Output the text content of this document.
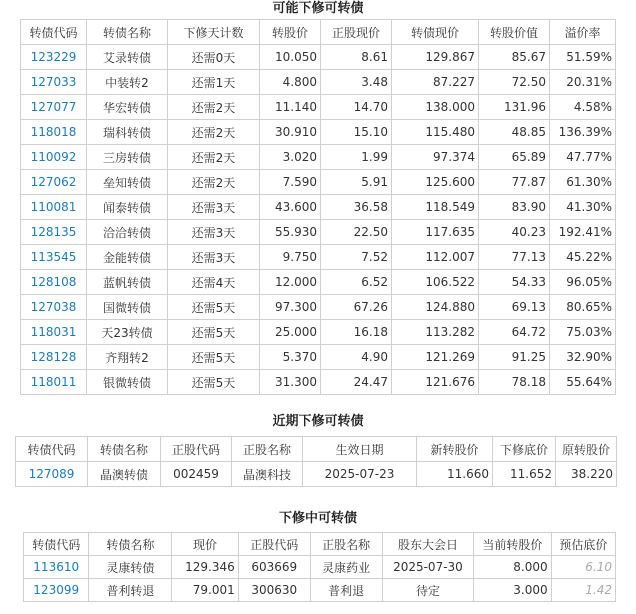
可能下修可转债
转债代码	转债名称	下修天计数	转股价	正股现价	转债现价	转股价值	溢价率
123229	艾录转债	还需0天	10.050	8.61	129.867	85.67	51.59%
127033	中装转2	还需1天	4.800	3.48	87.227	72.50	20.31%
127077	华宏转债	还需2天	11.140	14.70	138.000	131.96	4.58%
118018	瑞科转债	还需2天	30.910	15.10	115.480	48.85	136.39%
110092	三房转债	还需2天	3.020	1.99	97.374	65.89	47.77%
127062	垒知转债	还需2天	7.590	5.91	125.600	77.87	61.30%
110081	闻泰转债	还需3天	43.600	36.58	118.549	83.90	41.30%
128135	洽洽转债	还需3天	55.930	22.50	117.635	40.23	192.41%
113545	金能转债	还需3天	9.750	7.52	112.007	77.13	45.22%
128108	蓝帆转债	还需4天	12.000	6.52	106.522	54.33	96.05%
127038	国微转债	还需5天	97.300	67.26	124.880	69.13	80.65%
118031	天23转债	还需5天	25.000	16.18	113.282	64.72	75.03%
128128	齐翔转2	还需5天	5.370	4.90	121.269	91.25	32.90%
118011	银微转债	还需5天	31.300	24.47	121.676	78.18	55.64%
近期下修可转债
转债代码	转债名称	正股代码	正股名称	生效日期	新转股价	下修底价	原转股价
127089	晶澳转债	002459	晶澳科技	2025-07-23	11.660	11.652	38.220
下修中可转债
转债代码	转债名称	现价	正股代码	正股名称	股东大会日	当前转股价	预估底价
113610	灵康转债	129.346	603669	灵康药业	2025-07-30	8.000	6.10
123099	普利转退	79.001	300630	普利退	待定	3.000	1.42
